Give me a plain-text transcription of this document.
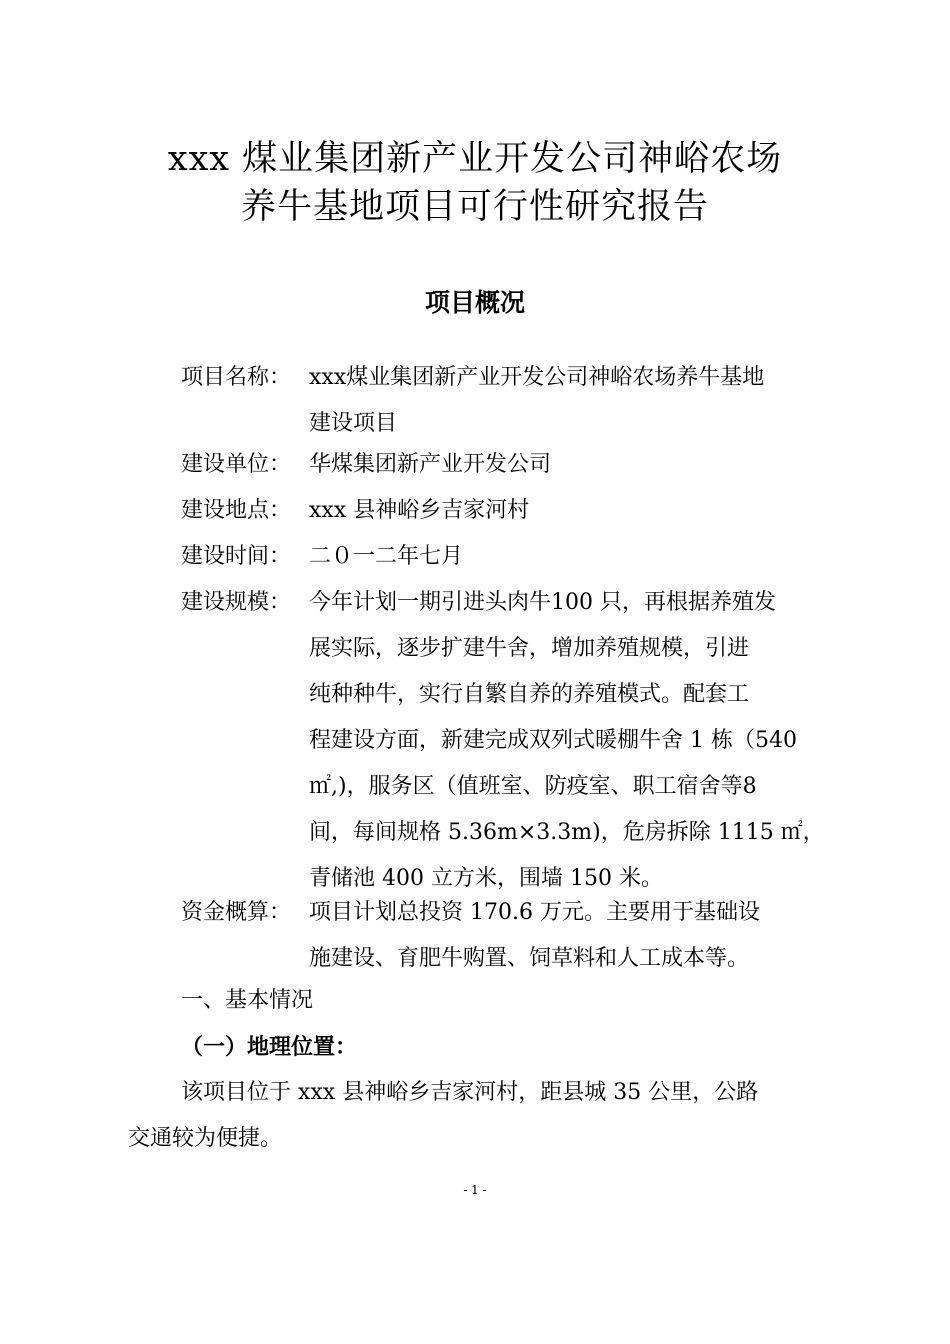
xxx 煤业集团新产业开发公司神峪农场
养牛基地项目可行性研究报告
项目概况
项目名称： xxx煤业集团新产业开发公司神峪农场养牛基地
建设项目
建设单位： 华煤集团新产业开发公司
建设地点： xxx 县神峪乡吉家河村
建设时间： 二０一二年七月
建设规模： 今年计划一期引进头肉牛100 只，再根据养殖发
展实际，逐步扩建牛舍，增加养殖规模，引进
纯种种牛，实行自繁自养的养殖模式。配套工
程建设方面，新建完成双列式暖棚牛舍 1 栋（540
㎡,)，服务区（值班室、防疫室、职工宿舍等8
间，每间规格 5.36m×3.3m)，危房拆除 1115 ㎡，
青储池 400 立方米，围墙 150 米。
资金概算： 项目计划总投资 170.6 万元。主要用于基础设
施建设、育肥牛购置、饲草料和人工成本等。
一、基本情况
（一）地理位置：
该项目位于 xxx 县神峪乡吉家河村，距县城 35 公里，公路
交通较为便捷。
- 1 -
